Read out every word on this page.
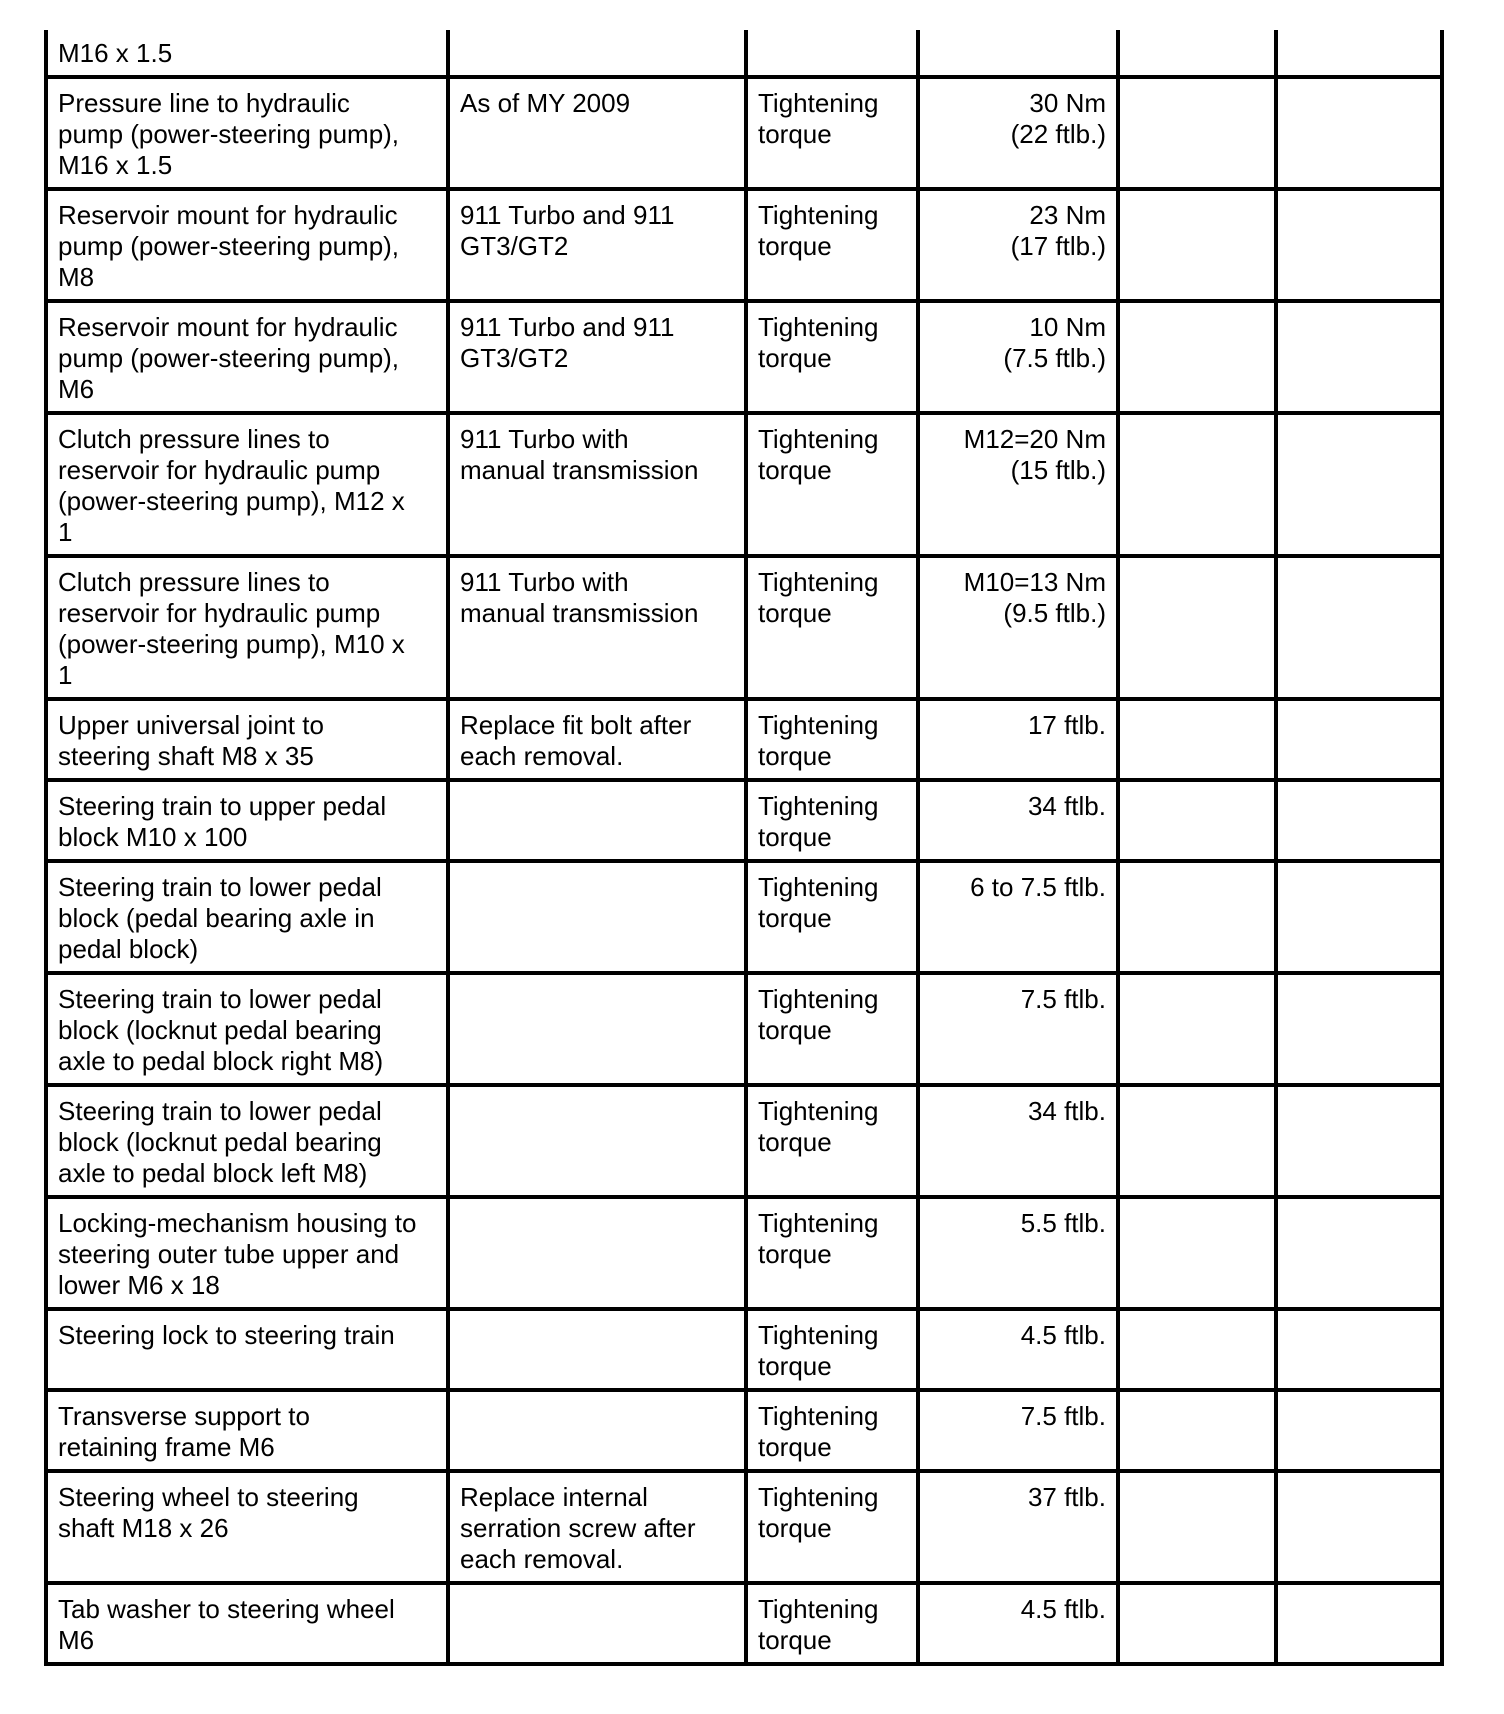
M16 x 1.5					
Pressure line to hydraulic
pump (power-steering pump),
M16 x 1.5	As of MY 2009	Tightening
torque	30 Nm
(22 ftlb.)		
Reservoir mount for hydraulic
pump (power-steering pump),
M8	911 Turbo and 911
GT3/GT2	Tightening
torque	23 Nm
(17 ftlb.)		
Reservoir mount for hydraulic
pump (power-steering pump),
M6	911 Turbo and 911
GT3/GT2	Tightening
torque	10 Nm
(7.5 ftlb.)		
Clutch pressure lines to
reservoir for hydraulic pump
(power-steering pump), M12 x
1	911 Turbo with
manual transmission	Tightening
torque	M12=20 Nm
(15 ftlb.)		
Clutch pressure lines to
reservoir for hydraulic pump
(power-steering pump), M10 x
1	911 Turbo with
manual transmission	Tightening
torque	M10=13 Nm
(9.5 ftlb.)		
Upper universal joint to
steering shaft M8 x 35	Replace fit bolt after
each removal.	Tightening
torque	17 ftlb.		
Steering train to upper pedal
block M10 x 100		Tightening
torque	34 ftlb.		
Steering train to lower pedal
block (pedal bearing axle in
pedal block)		Tightening
torque	6 to 7.5 ftlb.		
Steering train to lower pedal
block (locknut pedal bearing
axle to pedal block right M8)		Tightening
torque	7.5 ftlb.		
Steering train to lower pedal
block (locknut pedal bearing
axle to pedal block left M8)		Tightening
torque	34 ftlb.		
Locking-mechanism housing to
steering outer tube upper and
lower M6 x 18		Tightening
torque	5.5 ftlb.		
Steering lock to steering train		Tightening
torque	4.5 ftlb.		
Transverse support to
retaining frame M6		Tightening
torque	7.5 ftlb.		
Steering wheel to steering
shaft M18 x 26	Replace internal
serration screw after
each removal.	Tightening
torque	37 ftlb.		
Tab washer to steering wheel
M6		Tightening
torque	4.5 ftlb.		
